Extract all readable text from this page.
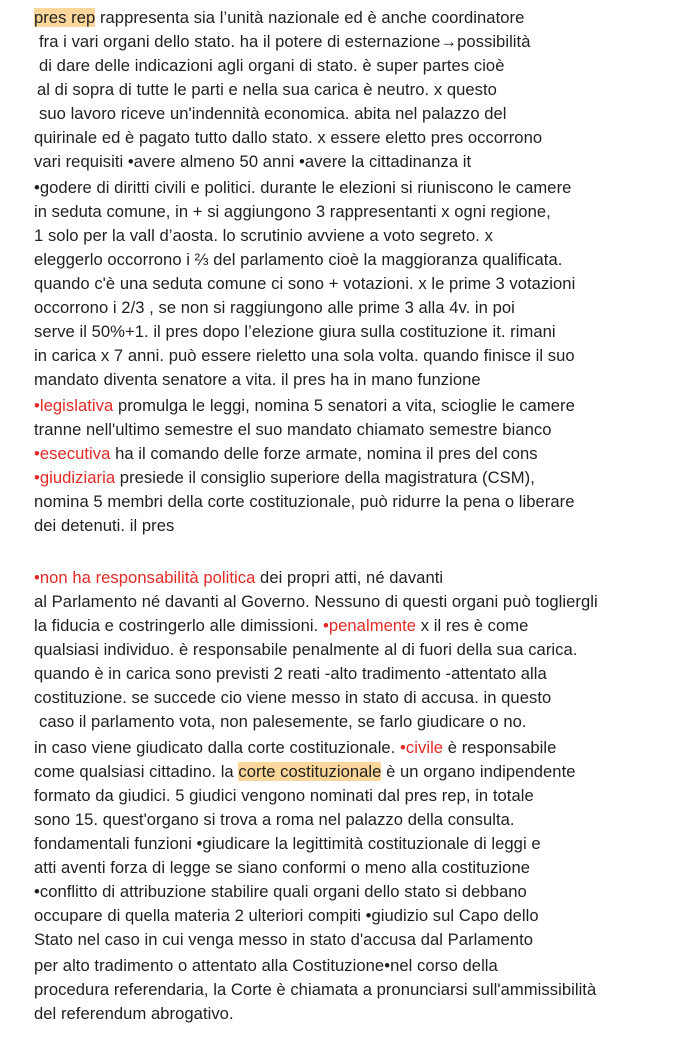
pres rep rappresenta sia l’unità nazionale ed è anche coordinatore
fra i vari organi dello stato. ha il potere di esternazione→possibilità
di dare delle indicazioni agli organi di stato. è super partes cioè
al di sopra di tutte le parti e nella sua carica è neutro. x questo
suo lavoro riceve un'indennità economica. abita nel palazzo del
quirinale ed è pagato tutto dallo stato. x essere eletto pres occorrono
vari requisiti •avere almeno 50 anni •avere la cittadinanza it
•godere di diritti civili e politici. durante le elezioni si riuniscono le camere
in seduta comune, in + si aggiungono 3 rappresentanti x ogni regione,
1 solo per la vall d’aosta. lo scrutinio avviene a voto segreto. x
eleggerlo occorrono i ⅔ del parlamento cioè la maggioranza qualificata.
quando c'è una seduta comune ci sono + votazioni. x le prime 3 votazioni
occorrono i 2/3 , se non si raggiungono alle prime 3 alla 4v. in poi
serve il 50%+1. il pres dopo l’elezione giura sulla costituzione it. rimani
in carica x 7 anni. può essere rieletto una sola volta. quando finisce il suo
mandato diventa senatore a vita. il pres ha in mano funzione
•legislativa promulga le leggi, nomina 5 senatori a vita, scioglie le camere
tranne nell'ultimo semestre el suo mandato chiamato semestre bianco
•esecutiva ha il comando delle forze armate, nomina il pres del cons
•giudiziaria presiede il consiglio superiore della magistratura (CSM),
nomina 5 membri della corte costituzionale, può ridurre la pena o liberare
dei detenuti. il pres
•non ha responsabilità politica dei propri atti, né davanti
al Parlamento né davanti al Governo. Nessuno di questi organi può togliergli
la fiducia e costringerlo alle dimissioni. •penalmente x il res è come
qualsiasi individuo. è responsabile penalmente al di fuori della sua carica.
quando è in carica sono previsti 2 reati -alto tradimento -attentato alla
costituzione. se succede cio viene messo in stato di accusa. in questo
caso il parlamento vota, non palesemente, se farlo giudicare o no.
in caso viene giudicato dalla corte costituzionale. •civile è responsabile
come qualsiasi cittadino. la corte costituzionale è un organo indipendente
formato da giudici. 5 giudici vengono nominati dal pres rep, in totale
sono 15. quest'organo si trova a roma nel palazzo della consulta.
fondamentali funzioni •giudicare la legittimità costituzionale di leggi e
atti aventi forza di legge se siano conformi o meno alla costituzione
•conflitto di attribuzione stabilire quali organi dello stato si debbano
occupare di quella materia 2 ulteriori compiti •giudizio sul Capo dello
Stato nel caso in cui venga messo in stato d'accusa dal Parlamento
per alto tradimento o attentato alla Costituzione•nel corso della
procedura referendaria, la Corte è chiamata a pronunciarsi sull'ammissibilità
del referendum abrogativo.
